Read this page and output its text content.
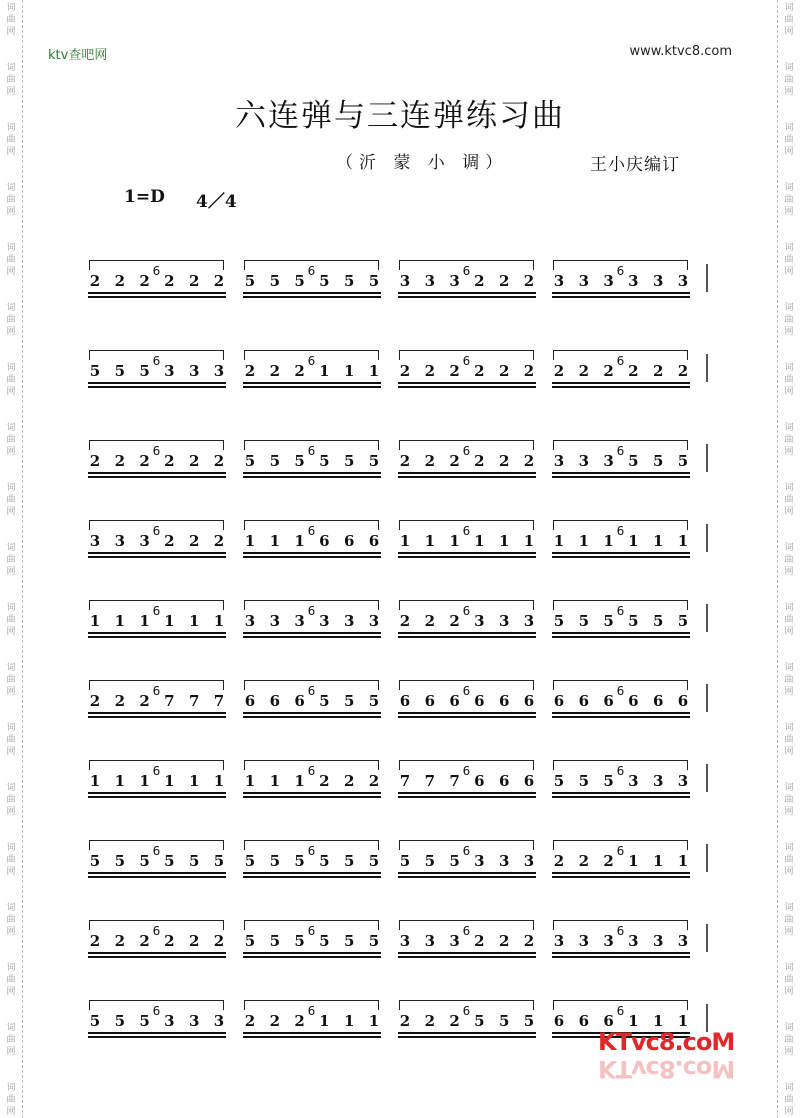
词
曲
网
词
曲
网
词
曲
网
词
曲
网
词
曲
网
词
曲
网
词
曲
网
词
曲
网
词
曲
网
词
曲
网
词
曲
网
词
曲
网
词
曲
网
词
曲
网
词
曲
网
词
曲
网
词
曲
网
词
曲
网
词
曲
网
词
曲
网
词
曲
网
词
曲
网
词
曲
网
词
曲
网
词
曲
网
词
曲
网
词
曲
网
词
曲
网
词
曲
网
词
曲
网
词
曲
网
词
曲
网
词
曲
网
词
曲
网
词
曲
网
词
曲
网
词
曲
网
词
曲
网
ktv查吧网	www.ktvc8.com
六连弹与三连弹练习曲
（沂 蒙 小 调）	王小庆编订
1=D 4／4
6
2 2 2 2 2 2
6
5 5 5 5 5 5
6
3 3 3 2 2 2
6
3 3 3 3 3 3
6
5 5 5 3 3 3
6
2 2 2 1 1 1
6
2 2 2 2 2 2
6
2 2 2 2 2 2
6
2 2 2 2 2 2
6
5 5 5 5 5 5
6
2 2 2 2 2 2
6
3 3 3 5 5 5
6
3 3 3 2 2 2
6
1 1 1 6 6 6
6
1 1 1 1 1 1
6
1 1 1 1 1 1
6
1 1 1 1 1 1
6
3 3 3 3 3 3
6
2 2 2 3 3 3
6
5 5 5 5 5 5
6
2 2 2 7 7 7
6
6 6 6 5 5 5
6
6 6 6 6 6 6
6
6 6 6 6 6 6
6
1 1 1 1 1 1
6
1 1 1 2 2 2
6
7 7 7 6 6 6
6
5 5 5 3 3 3
6
5 5 5 5 5 5
6
5 5 5 5 5 5
6
5 5 5 3 3 3
6
2 2 2 1 1 1
6
2 2 2 2 2 2
6
5 5 5 5 5 5
6
3 3 3 2 2 2
6
3 3 3 3 3 3
6
5 5 5 3 3 3
6
2 2 2 1 1 1
6
2 2 2 5 5 5
6
6 6 6 1 1 1
KTvc8.coM
KTvc8.coM
